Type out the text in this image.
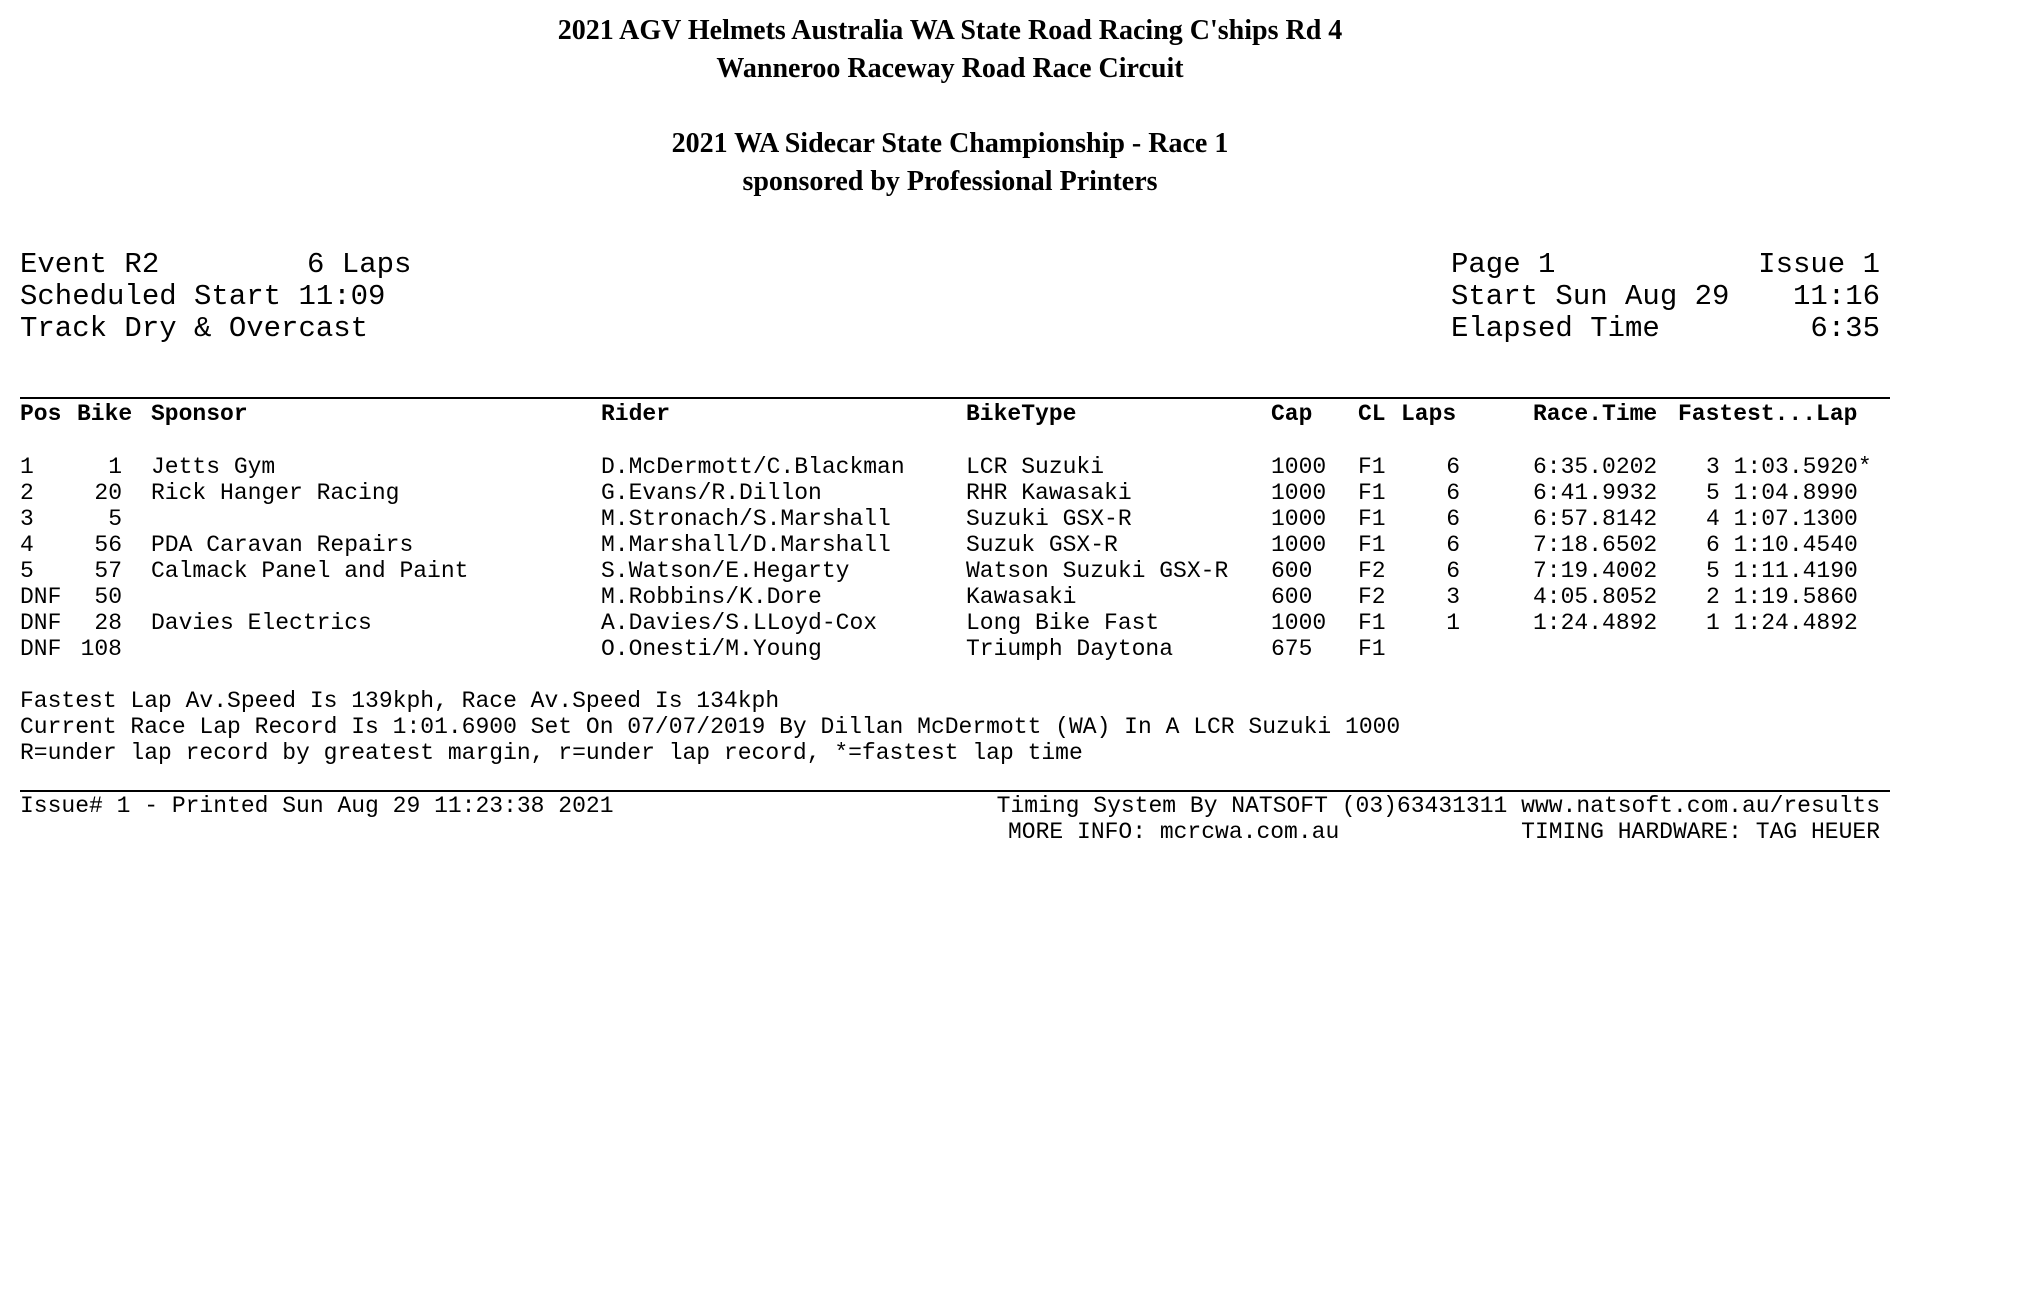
2021 AGV Helmets Australia WA State Road Racing C'ships Rd 4
Wanneroo Raceway Road Race Circuit
2021 WA Sidecar State Championship - Race 1
sponsored by Professional Printers
Event R2	6 Laps
Scheduled Start 11:09
Track Dry & Overcast
Page 1	Issue 1
Start Sun Aug 29	11:16
Elapsed Time	6:35
Pos Bike Sponsor	Rider	BikeType	Cap CL Laps	Race.Time Fastest...Lap
1	1 Jetts Gym	D.McDermott/C.Blackman	LCR Suzuki	1000 F1	6	6:35.0202 3 1:03.5920*
2	20 Rick Hanger Racing	G.Evans/R.Dillon	RHR Kawasaki	1000 F1	6	6:41.9932 5 1:04.8990
3	5	M.Stronach/S.Marshall	Suzuki GSX-R	1000 F1	6	6:57.8142 4 1:07.1300
4	56 PDA Caravan Repairs	M.Marshall/D.Marshall	Suzuk GSX-R	1000 F1	6	7:18.6502 6 1:10.4540
5	57 Calmack Panel and Paint	S.Watson/E.Hegarty	Watson Suzuki GSX-R 600 F2	6	7:19.4002 5 1:11.4190
DNF	50	M.Robbins/K.Dore	Kawasaki	600 F2	3	4:05.8052 2 1:19.5860
DNF	28 Davies Electrics	A.Davies/S.LLoyd-Cox	Long Bike Fast	1000 F1	1	1:24.4892 1 1:24.4892
DNF 108	O.Onesti/M.Young	Triumph Daytona	675 F1
Fastest Lap Av.Speed Is 139kph, Race Av.Speed Is 134kph
Current Race Lap Record Is 1:01.6900 Set On 07/07/2019 By Dillan McDermott (WA) In A LCR Suzuki 1000
R=under lap record by greatest margin, r=under lap record, *=fastest lap time
Issue# 1 - Printed Sun Aug 29 11:23:38 2021	Timing System By NATSOFT (03)63431311 www.natsoft.com.au/results
MORE INFO: mcrcwa.com.au	TIMING HARDWARE: TAG HEUER
